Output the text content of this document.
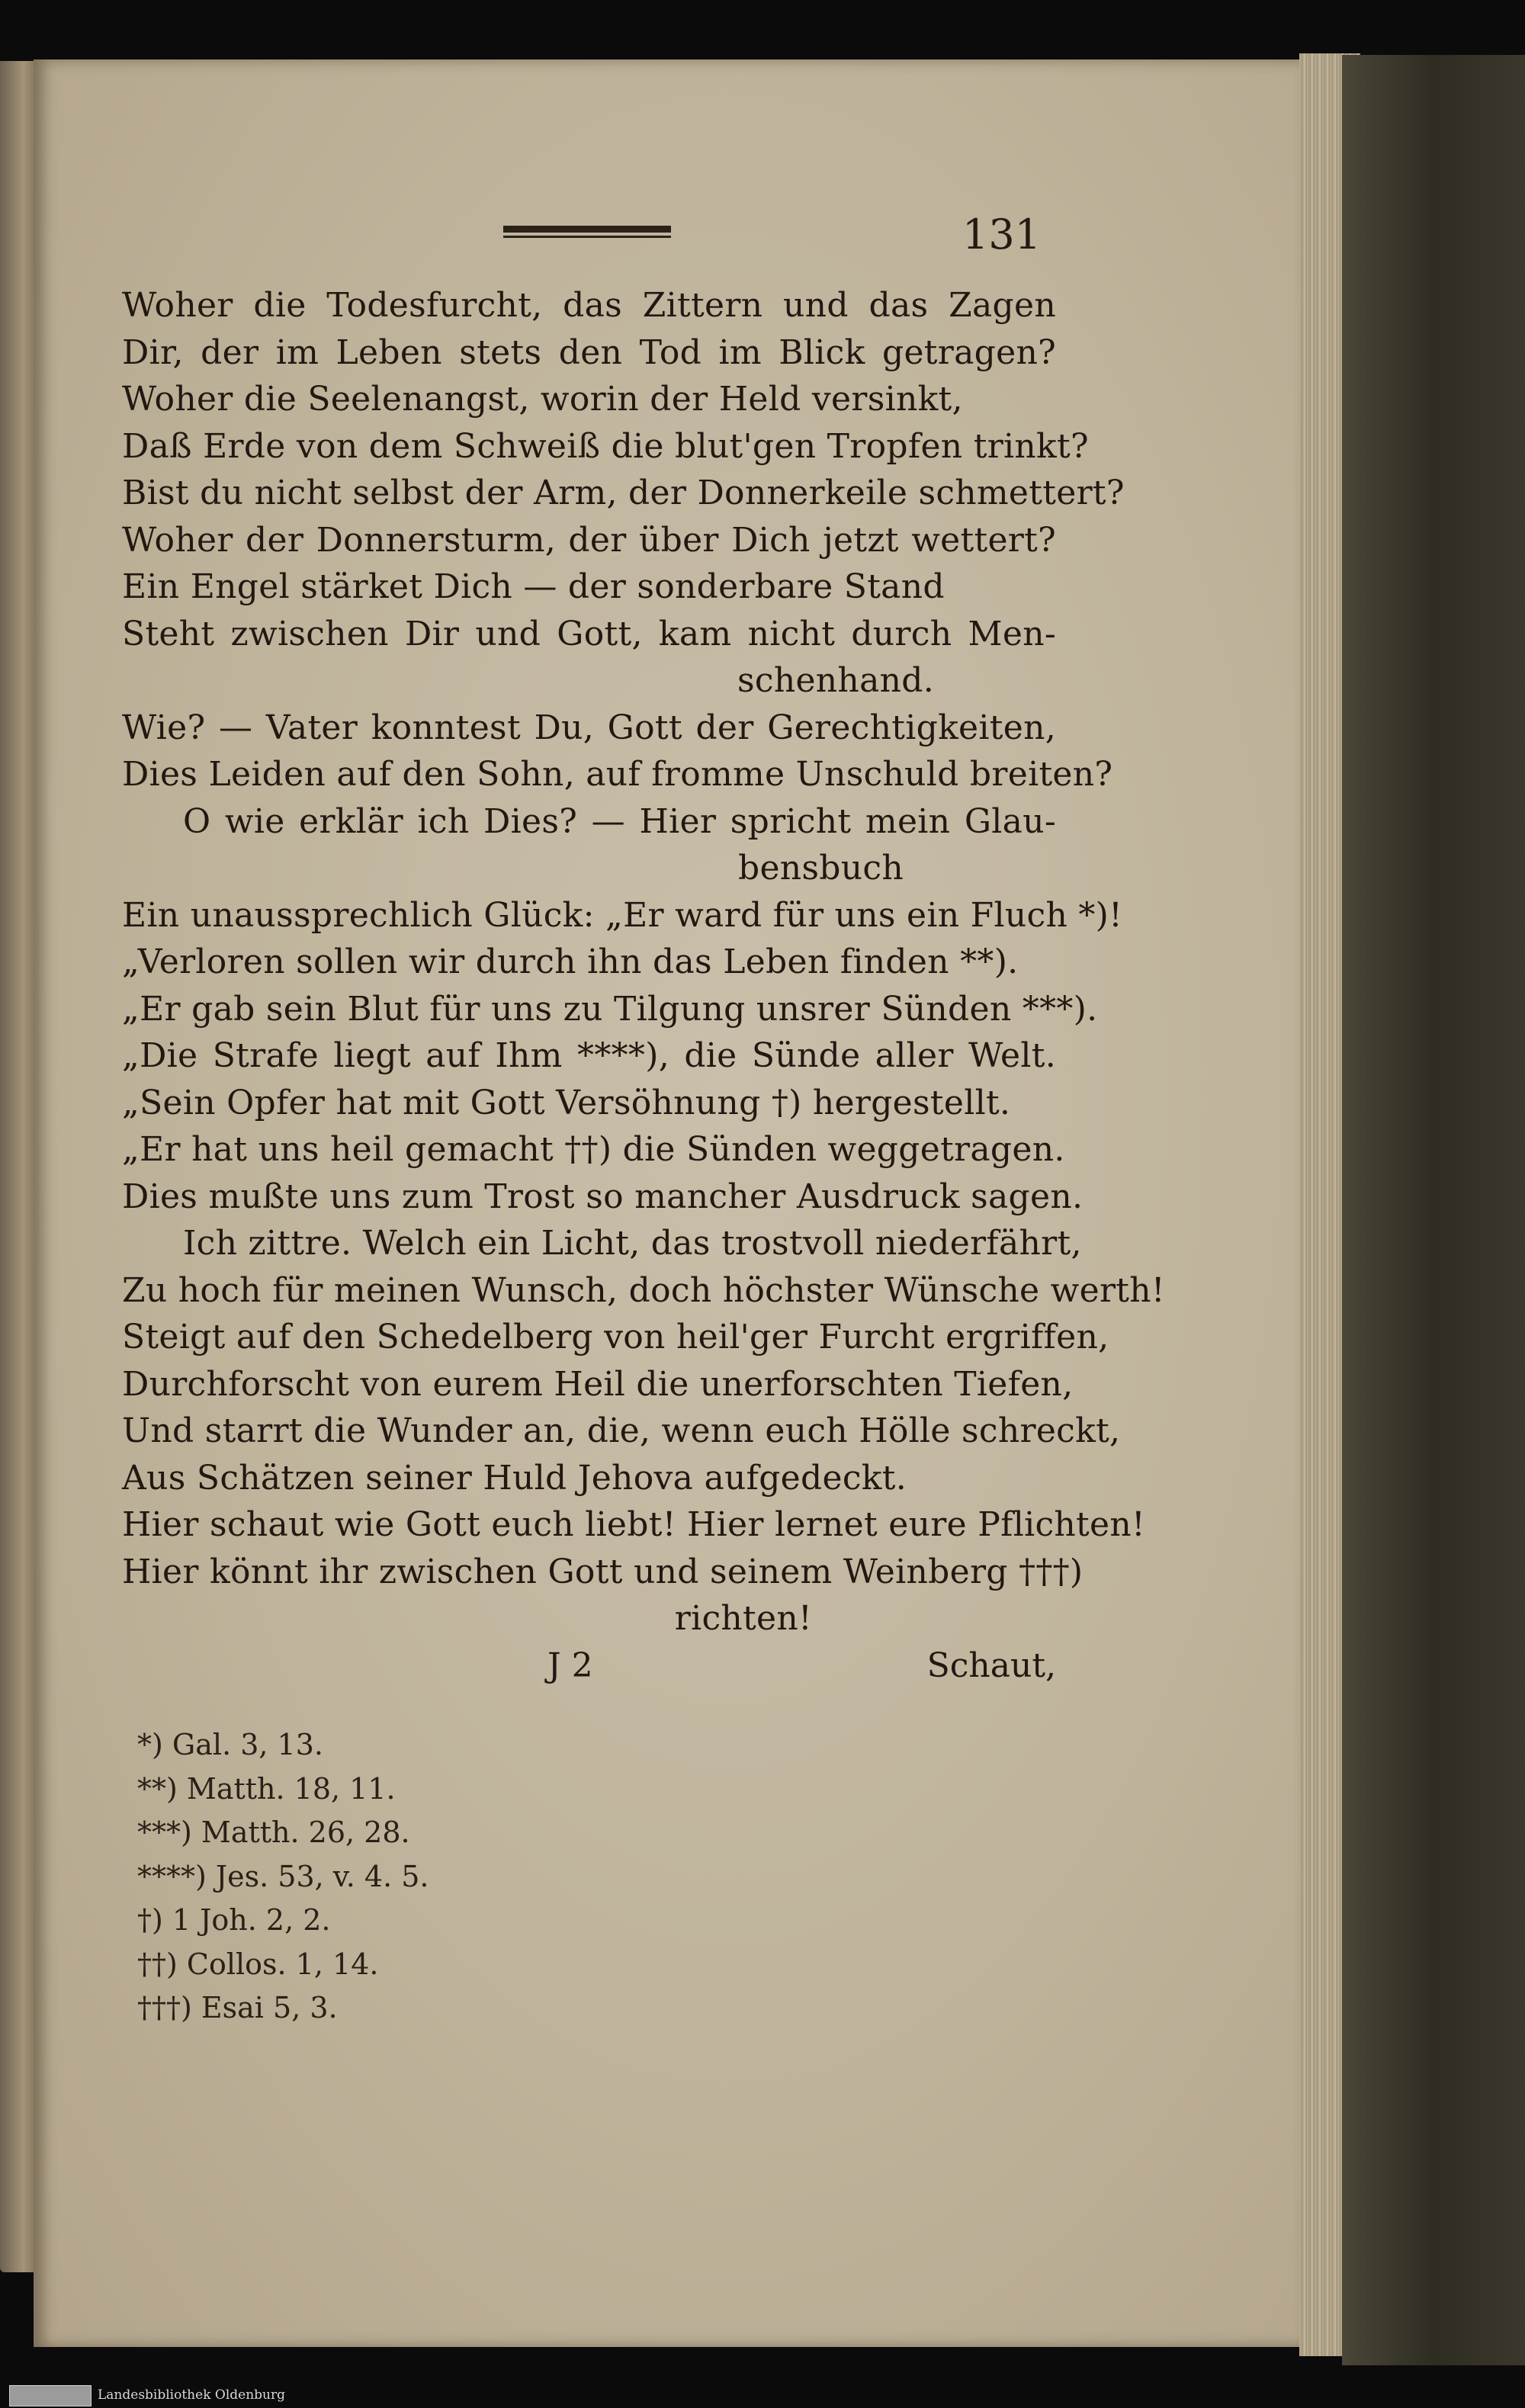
131
Woher die Todesfurcht, das Zittern und das Zagen
Dir, der im Leben stets den Tod im Blick getragen?
Woher die Seelenangst, worin der Held versinkt,
Daß Erde von dem Schweiß die blut'gen Tropfen trinkt?
Bist du nicht selbst der Arm, der Donnerkeile schmettert?
Woher der Donnersturm, der über Dich jetzt wettert?
Ein Engel stärket Dich — der sonderbare Stand
Steht zwischen Dir und Gott, kam nicht durch Men-
schenhand.
Wie? — Vater konntest Du, Gott der Gerechtigkeiten,
Dies Leiden auf den Sohn, auf fromme Unschuld breiten?
O wie erklär ich Dies? — Hier spricht mein Glau-
bensbuch
Ein unaussprechlich Glück: „Er ward für uns ein Fluch *)!
„Verloren sollen wir durch ihn das Leben finden **).
„Er gab sein Blut für uns zu Tilgung unsrer Sünden ***).
„Die Strafe liegt auf Ihm ****), die Sünde aller Welt.
„Sein Opfer hat mit Gott Versöhnung †) hergestellt.
„Er hat uns heil gemacht ††) die Sünden weggetragen.
Dies mußte uns zum Trost so mancher Ausdruck sagen.
Ich zittre. Welch ein Licht, das trostvoll niederfährt,
Zu hoch für meinen Wunsch, doch höchster Wünsche werth!
Steigt auf den Schedelberg von heil'ger Furcht ergriffen,
Durchforscht von eurem Heil die unerforschten Tiefen,
Und starrt die Wunder an, die, wenn euch Hölle schreckt,
Aus Schätzen seiner Huld Jehova aufgedeckt.
Hier schaut wie Gott euch liebt! Hier lernet eure Pflichten!
Hier könnt ihr zwischen Gott und seinem Weinberg †††)
richten!
J 2	Schaut,
*) Gal. 3, 13.
**) Matth. 18, 11.
***) Matth. 26, 28.
****) Jes. 53, v. 4. 5.
†) 1 Joh. 2, 2.
††) Collos. 1, 14.
†††) Esai 5, 3.
Landesbibliothek Oldenburg
